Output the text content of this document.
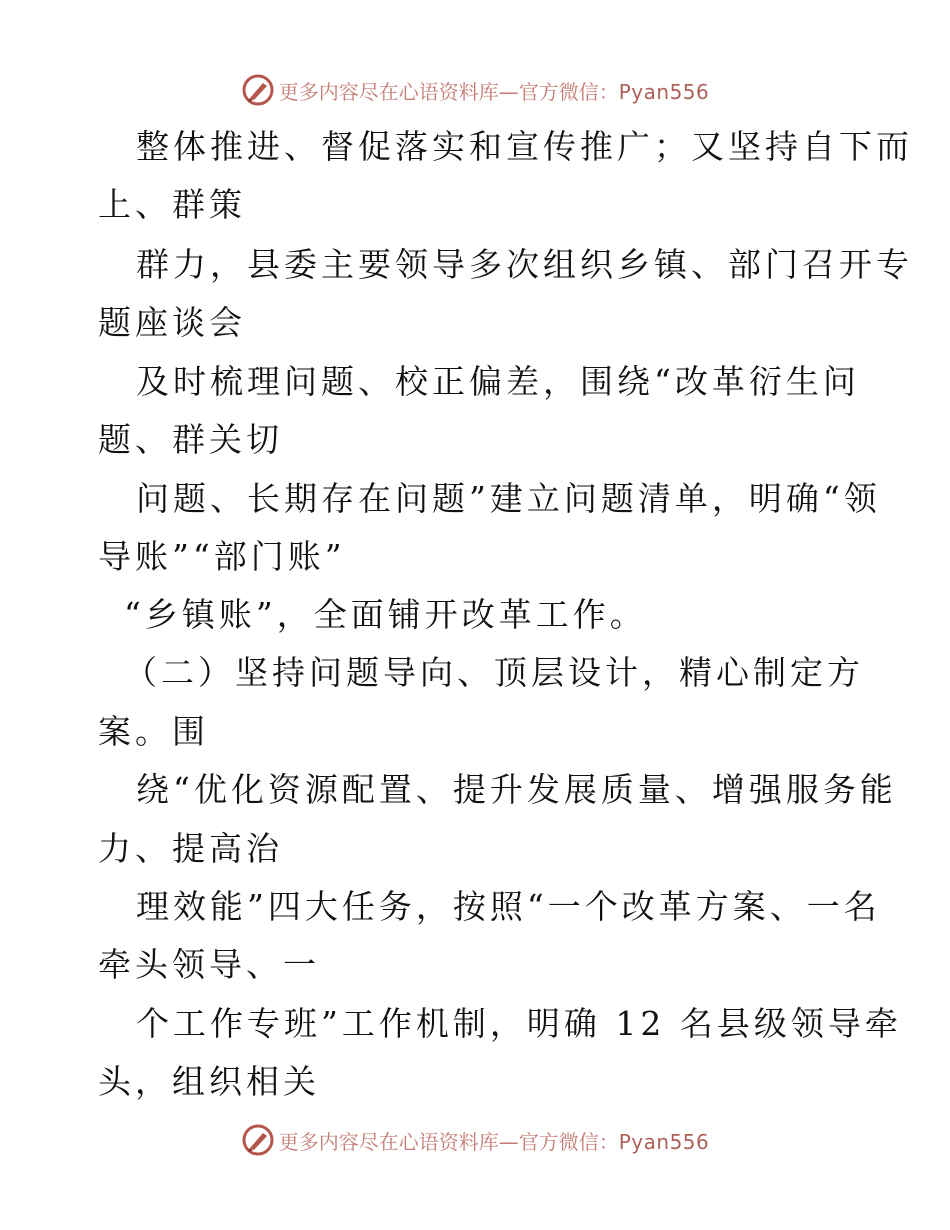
更多内容尽在心语资料库—官方微信：Pyan556
整体推进、督促落实和宣传推广；又坚持自下而
上、群策
群力，县委主要领导多次组织乡镇、部门召开专
题座谈会
及时梳理问题、校正偏差，围绕“改革衍生问
题、群关切
问题、长期存在问题”建立问题清单，明确“领
导账”“部门账”
“乡镇账”，全面铺开改革工作。
（二）坚持问题导向、顶层设计，精心制定方
案。围
绕“优化资源配置、提升发展质量、增强服务能
力、提高治
理效能”四大任务，按照“一个改革方案、一名
牵头领导、一
个工作专班”工作机制，明确 12 名县级领导牵
头，组织相关
更多内容尽在心语资料库—官方微信：Pyan556
